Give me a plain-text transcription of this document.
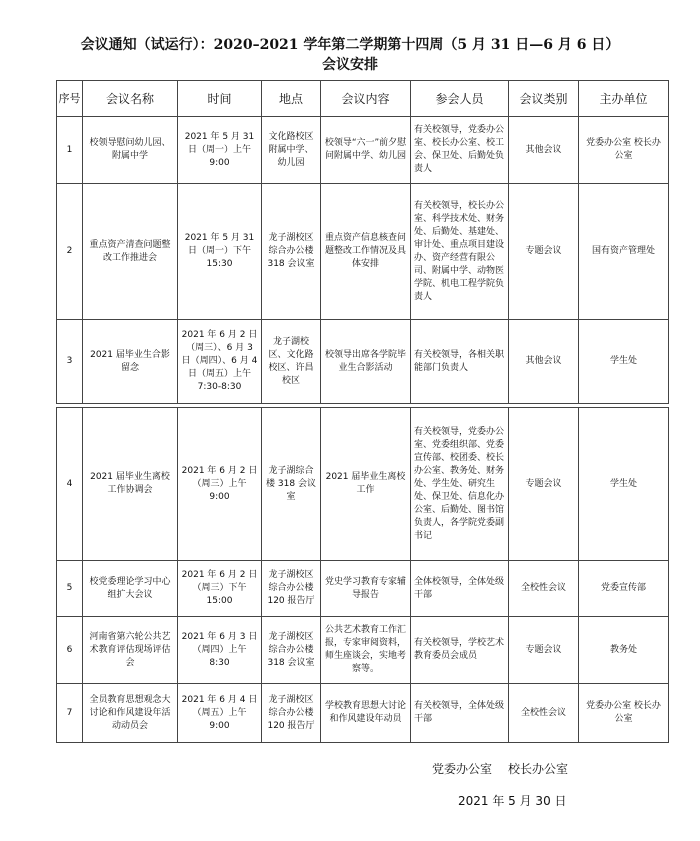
会议通知（试运行）：2020–2021 学年第二学期第十四周（5 月 31 日—6 月 6 日）
会议安排
序号	会议名称	时间	地点	会议内容	参会人员	会议类别	主办单位
1	校领导慰问幼儿园、附属中学	2021 年 5 月 31 日（周一）上午 9:00	文化路校区附属中学、幼儿园	校领导“六一”前夕慰问附属中学、幼儿园	有关校领导，党委办公室、校长办公室、校工会、保卫处、后勤处负责人	其他会议	党委办公室 校长办公室
2	重点资产清查问题整改工作推进会	2021 年 5 月 31 日（周一）下午 15:30	龙子湖校区综合办公楼 318 会议室	重点资产信息核查问题整改工作情况及具体安排	有关校领导，校长办公室、科学技术处、财务处、后勤处、基建处、审计处、重点项目建设办、资产经营有限公司、附属中学、动物医学院、机电工程学院负责人	专题会议	国有资产管理处
3	2021 届毕业生合影留念	2021 年 6 月 2 日（周三）、6 月 3 日（周四）、6 月 4 日（周五）上午 7:30-8:30	龙子湖校区、文化路校区、许昌校区	校领导出席各学院毕业生合影活动	有关校领导，各相关职能部门负责人	其他会议	学生处
4	2021 届毕业生离校工作协调会	2021 年 6 月 2 日（周三）上午 9:00	龙子湖综合楼 318 会议室	2021 届毕业生离校工作	有关校领导，党委办公室、党委组织部、党委宣传部、校团委、校长办公室、教务处、财务处、学生处、研究生处、保卫处、信息化办公室、后勤处、图书馆负责人，各学院党委副书记	专题会议	学生处
5	校党委理论学习中心组扩大会议	2021 年 6 月 2 日（周三）下午 15:00	龙子湖校区综合办公楼 120 报告厅	党史学习教育专家辅导报告	全体校领导，全体处级干部	全校性会议	党委宣传部
6	河南省第六轮公共艺术教育评估现场评估会	2021 年 6 月 3 日（周四）上午 8:30	龙子湖校区综合办公楼 318 会议室	公共艺术教育工作汇报，专家审阅资料，师生座谈会，实地考察等。	有关校领导，学校艺术教育委员会成员	专题会议	教务处
7	全员教育思想观念大讨论和作风建设年活动动员会	2021 年 6 月 4 日（周五）上午 9:00	龙子湖校区综合办公楼 120 报告厅	学校教育思想大讨论和作风建设年动员	有关校领导，全体处级干部	全校性会议	党委办公室 校长办公室
党委办公室 校长办公室
2021 年 5 月 30 日
